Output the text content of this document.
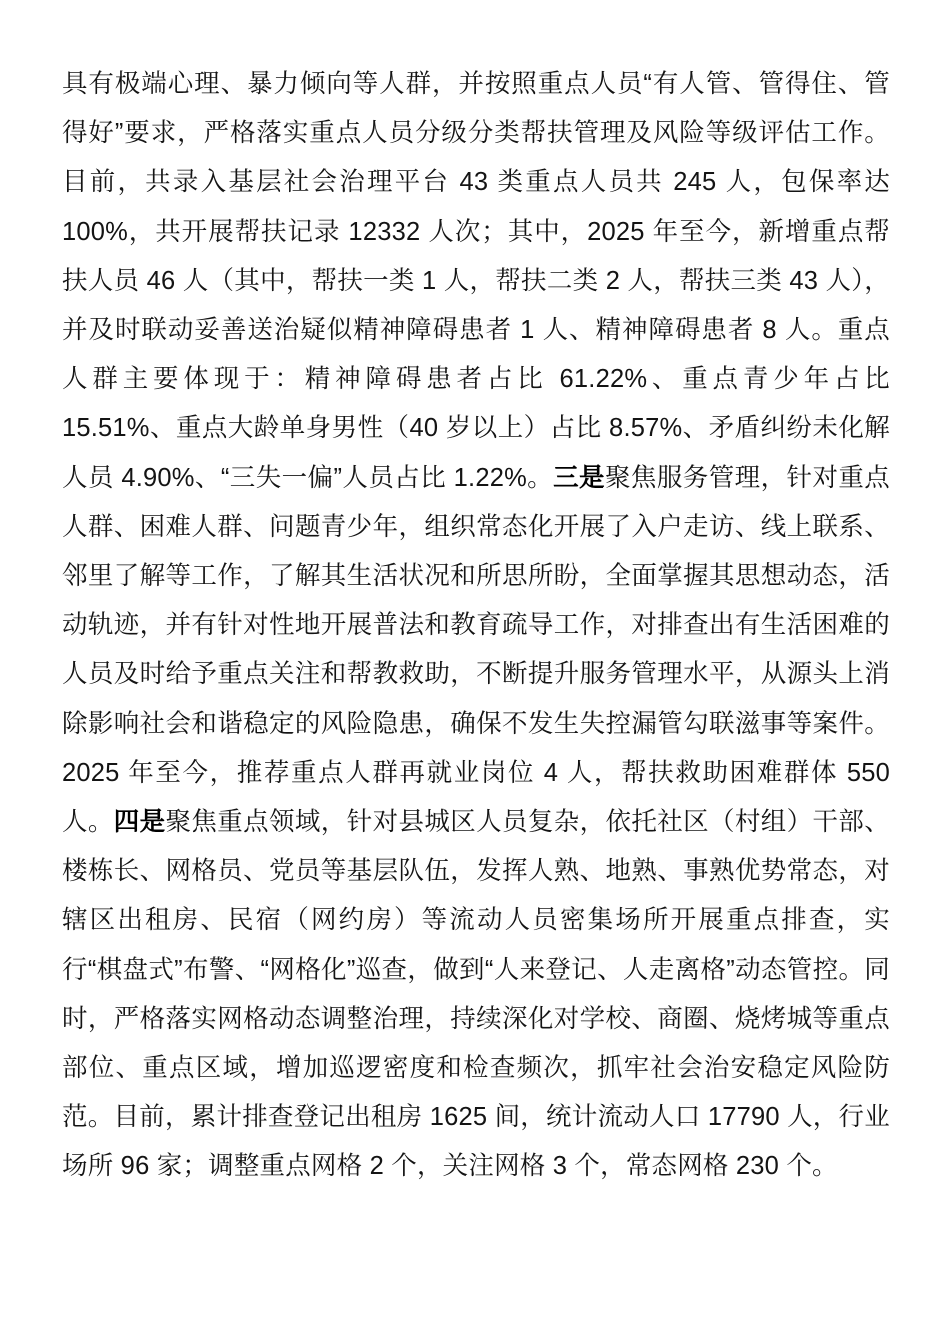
具有极端心理、暴力倾向等人群，并按照重点人员“有人管、管得住、管得好”要求，严格落实重点人员分级分类帮扶管理及风险等级评估工作。目前，共录入基层社会治理平台 43 类重点人员共 245 人，包保率达 100%，共开展帮扶记录 12332 人次；其中，2025 年至今，新增重点帮扶人员 46 人（其中，帮扶一类 1 人，帮扶二类 2 人，帮扶三类 43 人），并及时联动妥善送治疑似精神障碍患者 1 人、精神障碍患者 8 人。重点人群主要体现于：精神障碍患者占比 61.22%、重点青少年占比 15.51%、重点大龄单身男性（40 岁以上）占比 8.57%、矛盾纠纷未化解人员 4.90%、“三失一偏”人员占比 1.22%。三是聚焦服务管理，针对重点人群、困难人群、问题青少年，组织常态化开展了入户走访、线上联系、邻里了解等工作，了解其生活状况和所思所盼，全面掌握其思想动态，活动轨迹，并有针对性地开展普法和教育疏导工作，对排查出有生活困难的人员及时给予重点关注和帮教救助，不断提升服务管理水平，从源头上消除影响社会和谐稳定的风险隐患，确保不发生失控漏管勾联滋事等案件。2025 年至今，推荐重点人群再就业岗位 4 人，帮扶救助困难群体 550 人。四是聚焦重点领域，针对县城区人员复杂，依托社区（村组）干部、楼栋长、网格员、党员等基层队伍，发挥人熟、地熟、事熟优势常态，对辖区出租房、民宿（网约房）等流动人员密集场所开展重点排查，实行“棋盘式”布警、“网格化”巡查，做到“人来登记、人走离格”动态管控。同时，严格落实网格动态调整治理，持续深化对学校、商圈、烧烤城等重点部位、重点区域，增加巡逻密度和检查频次，抓牢社会治安稳定风险防范。目前，累计排查登记出租房 1625 间，统计流动人口 17790 人，行业场所 96 家；调整重点网格 2 个，关注网格 3 个，常态网格 230 个。
